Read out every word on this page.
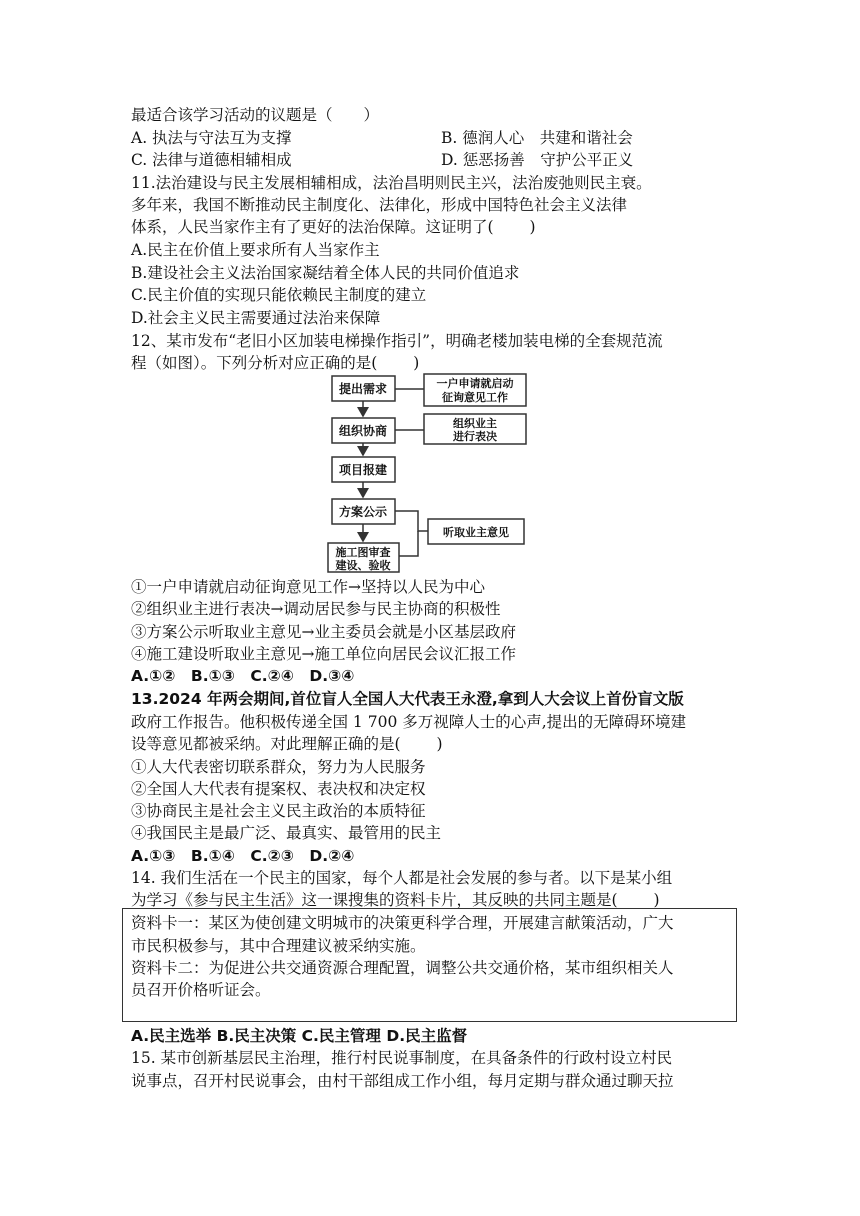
最适合该学习活动的议题是（　　）
A. 执法与守法互为支撑	B. 德润人心　共建和谐社会
C. 法律与道德相辅相成	D. 惩恶扬善　守护公平正义
11.法治建设与民主发展相辅相成，法治昌明则民主兴，法治废弛则民主衰。
多年来，我国不断推动民主制度化、法律化，形成中国特色社会主义法律
体系，人民当家作主有了更好的法治保障。这证明了(　　 )
A.民主在价值上要求所有人当家作主
B.建设社会主义法治国家凝结着全体人民的共同价值追求
C.民主价值的实现只能依赖民主制度的建立
D.社会主义民主需要通过法治来保障
12、某市发布“老旧小区加装电梯操作指引”，明确老楼加装电梯的全套规范流
程（如图）。下列分析对应正确的是(　　 )
提出需求
组织协商
项目报建
方案公示
施工图审查
建设、验收
一户申请就启动
征询意见工作
组织业主
进行表决
听取业主意见
①一户申请就启动征询意见工作→坚持以人民为中心
②组织业主进行表决→调动居民参与民主协商的积极性
③方案公示听取业主意见→业主委员会就是小区基层政府
④施工建设听取业主意见→施工单位向居民会议汇报工作
A.①②　B.①③　C.②④　D.③④
13.2024 年两会期间,首位盲人全国人大代表王永澄,拿到人大会议上首份盲文版
政府工作报告。他积极传递全国 1 700 多万视障人士的心声,提出的无障碍环境建
设等意见都被采纳。对此理解正确的是(　　 )
①人大代表密切联系群众，努力为人民服务
②全国人大代表有提案权、表决权和决定权
③协商民主是社会主义民主政治的本质特征
④我国民主是最广泛、最真实、最管用的民主
A.①③　B.①④　C.②③　D.②④
14. 我们生活在一个民主的国家，每个人都是社会发展的参与者。以下是某小组
为学习《参与民主生活》这一课搜集的资料卡片，其反映的共同主题是(　　 )
资料卡一：某区为使创建文明城市的决策更科学合理，开展建言献策活动，广大
市民积极参与，其中合理建议被采纳实施。
资料卡二：为促进公共交通资源合理配置，调整公共交通价格，某市组织相关人
员召开价格听证会。
A.民主选举 B.民主决策 C.民主管理 D.民主监督
15. 某市创新基层民主治理，推行村民说事制度，在具备条件的行政村设立村民
说事点，召开村民说事会，由村干部组成工作小组，每月定期与群众通过聊天拉
